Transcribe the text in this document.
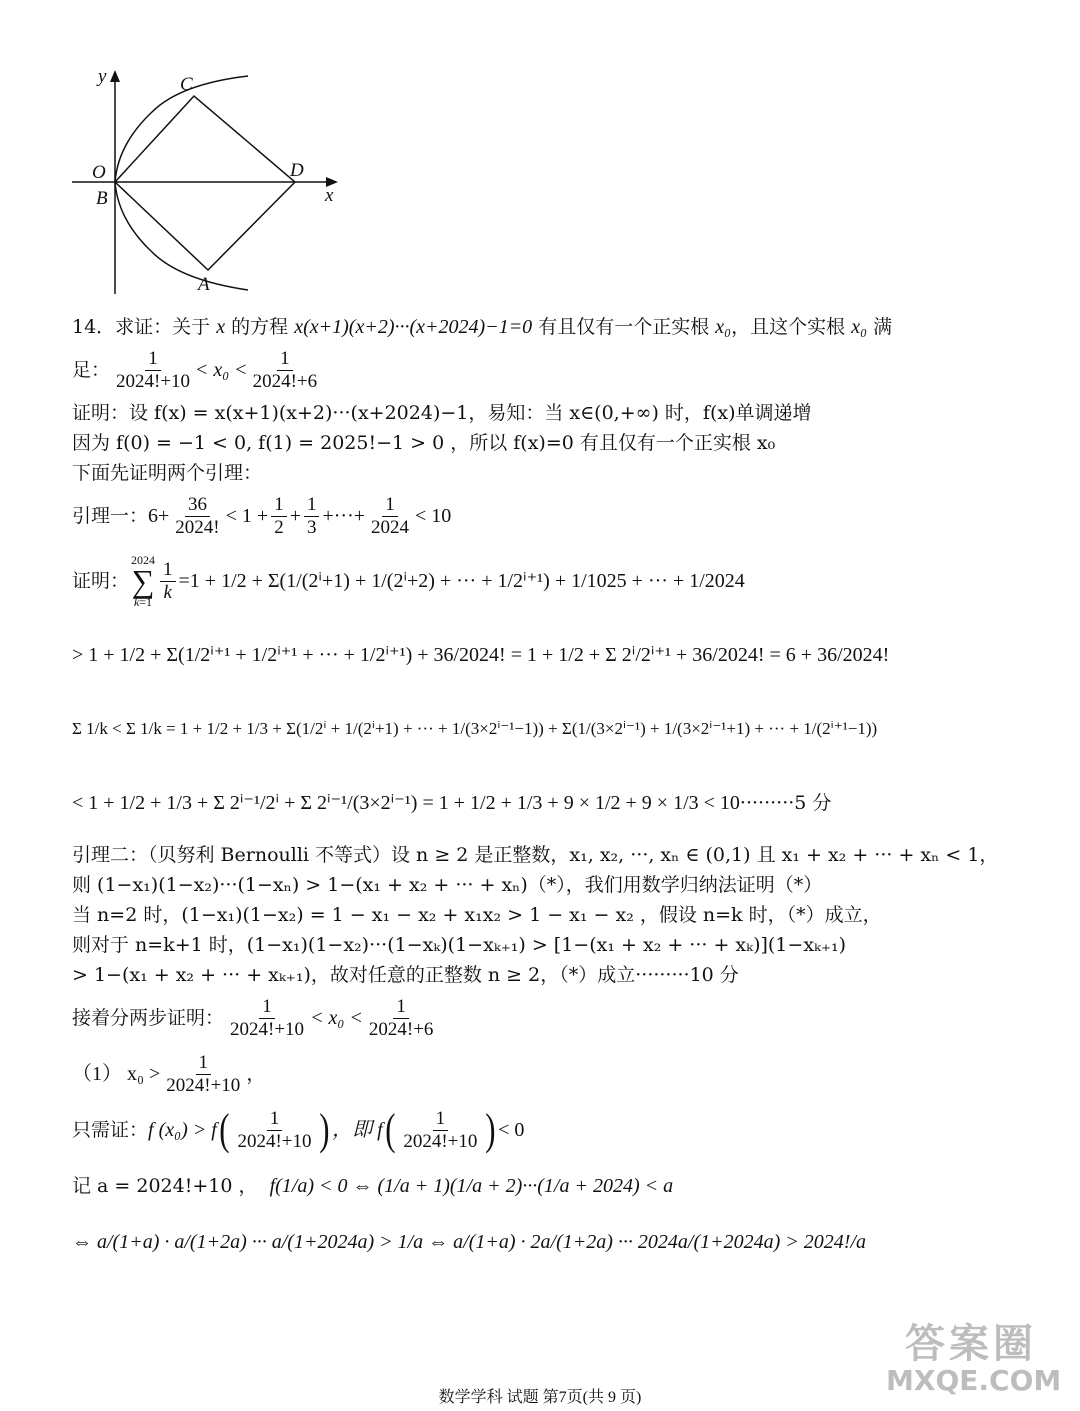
y
x
O
B
C
D
A
14．求证：关于
x
的方程
x(x+1)(x+2)···(x+2024)−1=0
有且仅有一个正实根
x₀ ，且这个实根
x₀
满
足： $\frac{1}{2024!+10}$ <
x₀
< $\frac{1}{2024!+6}$
证明：设 f(x) = x(x+1)(x+2)···(x+2024)−1，易知：当 x∈(0,+∞) 时，f(x)单调递增
因为 f(0) = −1 < 0, f(1) = 2025!−1 > 0 ，所以 f(x)=0 有且仅有一个正实根 x₀
下面先证明两个引理：
引理一： $6+ \frac{36}{2024!} < 1 + \frac{1}{2} + \frac{1}{3}$ +···+ $\frac{1}{2024} < 10$
证明：
2024
∑
$k=1 \frac{1}{k} =1 + 1/2 + \Sigma(1/(2^i+1) + 1/(2^i+2)$ + ··· + 1/2ⁱ⁺¹) + 1/1025 + ··· + 1/2024
> 1 + 1/2 + Σ(1/2ⁱ⁺¹ + 1/2ⁱ⁺¹ + ··· + 1/2ⁱ⁺¹) + 36/2024! = 1 + 1/2 + Σ 2ⁱ/2ⁱ⁺¹ + 36/2024! = 6 + 36/2024!
Σ 1/k < Σ 1/k = 1 + 1/2 + 1/3 + Σ(1/2ⁱ + 1/(2ⁱ+1) + ··· + 1/(3×2ⁱ⁻¹−1)) + Σ(1/(3×2ⁱ⁻¹) + 1/(3×2ⁱ⁻¹+1) + ··· + 1/(2ⁱ⁺¹−1))
< 1 + 1/2 + 1/3 + Σ 2ⁱ⁻¹/2ⁱ + Σ 2ⁱ⁻¹/(3×2ⁱ⁻¹) = 1 + 1/2 + 1/3 + 9 × 1/2 + 9 × 1/3 < 10 ·········5 分
引理二：（贝努利 Bernoulli 不等式）设 n ≥ 2 是正整数，x₁, x₂, ···, xₙ ∈ (0,1) 且 x₁ + x₂ + ··· + xₙ < 1，
则 (1−x₁)(1−x₂)···(1−xₙ) > 1−(x₁ + x₂ + ··· + xₙ)（*），我们用数学归纳法证明（*）
当 n=2 时，(1−x₁)(1−x₂) = 1 − x₁ − x₂ + x₁x₂ > 1 − x₁ − x₂ ，假设 n=k 时，（*）成立，
则对于 n=k+1 时，(1−x₁)(1−x₂)···(1−xₖ)(1−xₖ₊₁) > [1−(x₁ + x₂ + ··· + xₖ)](1−xₖ₊₁)
> 1−(x₁ + x₂ + ··· + xₖ₊₁)，故对任意的正整数 n ≥ 2，（*）成立 ·········10 分
接着分两步证明： $\frac{1}{2024!+10} < x_0 < \frac{1}{2024!+6}$
（1） $x_0 > \frac{1}{2024!+10}$ ，
只需证： f (x₀) > f ( $\frac{1}{2024!+10}$ ) ，即 f ( $\frac{1}{2024!+10}$ ) < 0
记 a = 2024!+10 ，
f(1/a) < 0 ⇔ (1/a + 1)(1/a + 2)···(1/a + 2024) < a
⇔ a/(1+a) · a/(1+2a) ··· a/(1+2024a) > 1/a ⇔ a/(1+a) · 2a/(1+2a) ··· 2024a/(1+2024a) > 2024!/a
答案圈
MXQE.COM
数学学科 试题 第7页(共 9 页)
